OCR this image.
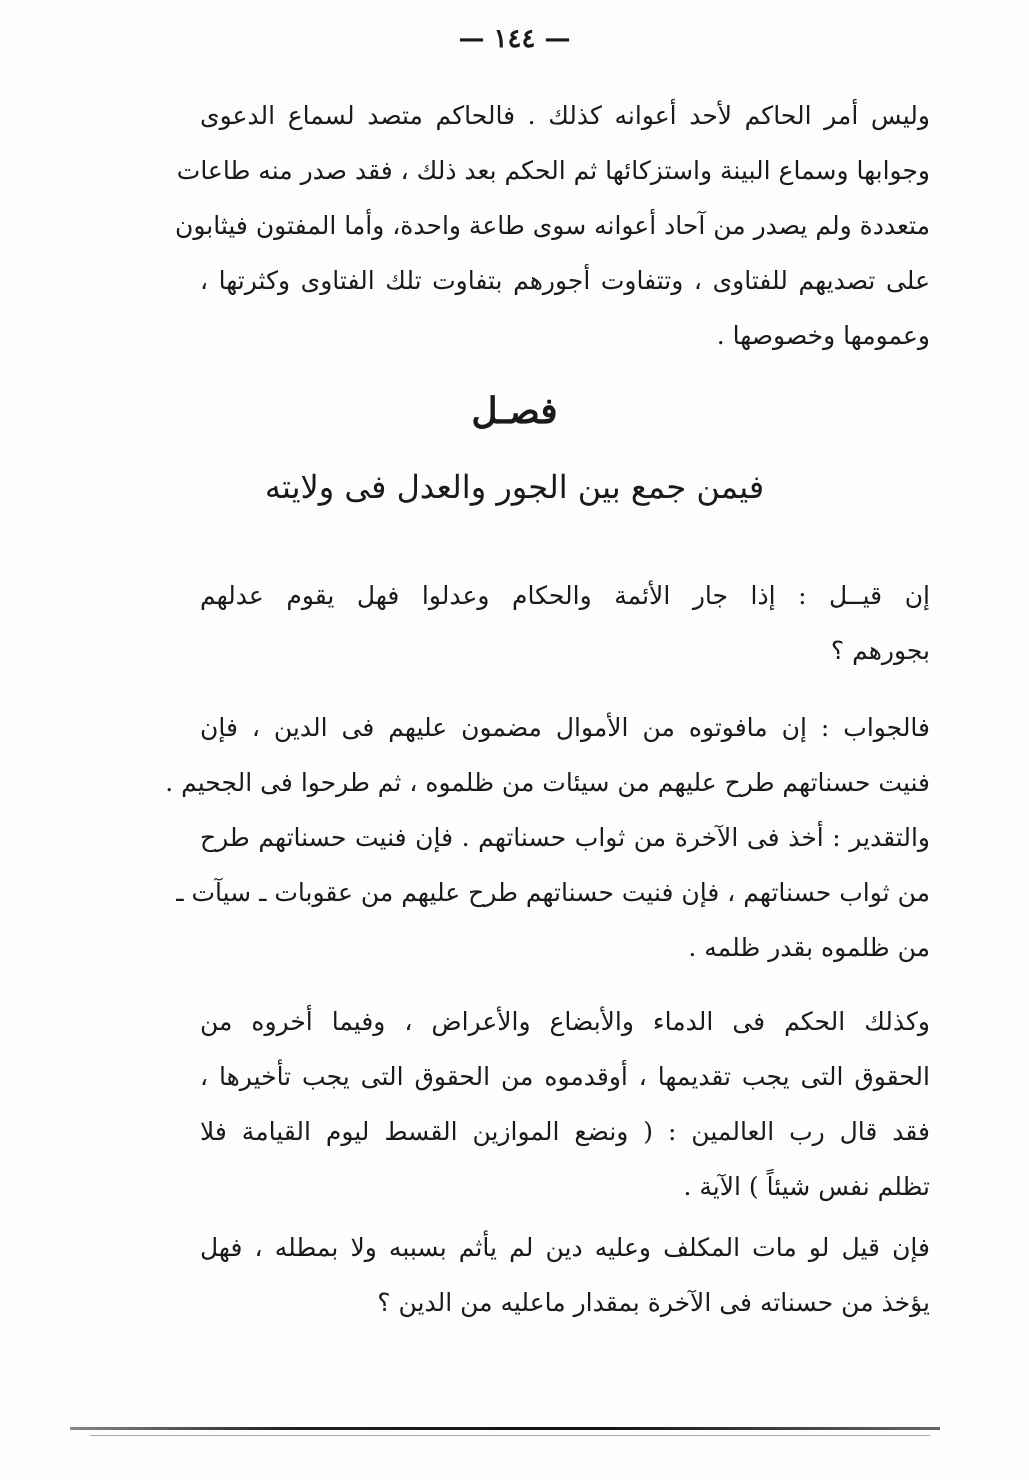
— ١٤٤ —
وليس أمر الحاكم لأحد أعوانه كذلك . فالحاكم متصد لسماع الدعوى
وجوابها وسماع البينة واستزكائها ثم الحكم بعد ذلك ، فقد صدر منه طاعات
متعددة ولم يصدر من آحاد أعوانه سوى طاعة واحدة، وأما المفتون فيثابون
على تصديهم للفتاوى ، وتتفاوت أجورهم بتفاوت تلك الفتاوى وكثرتها ،
وعمومها وخصوصها .
فصـل
فيمن جمع بين الجور والعدل فى ولايته
إن قيــل : إذا جار الأئمة والحكام وعدلوا فهل يقوم عدلهم
بجورهم ؟
فالجواب : إن مافوتوه من الأموال مضمون عليهم فى الدين ، فإن
فنيت حسناتهم طرح عليهم من سيئات من ظلموه ، ثم طرحوا فى الجحيم .
والتقدير : أخذ فى الآخرة من ثواب حسناتهم . فإن فنيت حسناتهم طرح
من ثواب حسناتهم ، فإن فنيت حسناتهم طرح عليهم من عقوبات ـ سيآت ـ
من ظلموه بقدر ظلمه .
وكذلك الحكم فى الدماء والأبضاع والأعراض ، وفيما أخروه من
الحقوق التى يجب تقديمها ، أوقدموه من الحقوق التى يجب تأخيرها ،
فقد قال رب العالمين : ( ونضع الموازين القسط ليوم القيامة فلا
تظلم نفس شيئاً ) الآية .
فإن قيل لو مات المكلف وعليه دين لم يأثم بسببه ولا بمطله ، فهل
يؤخذ من حسناته فى الآخرة بمقدار ماعليه من الدين ؟
